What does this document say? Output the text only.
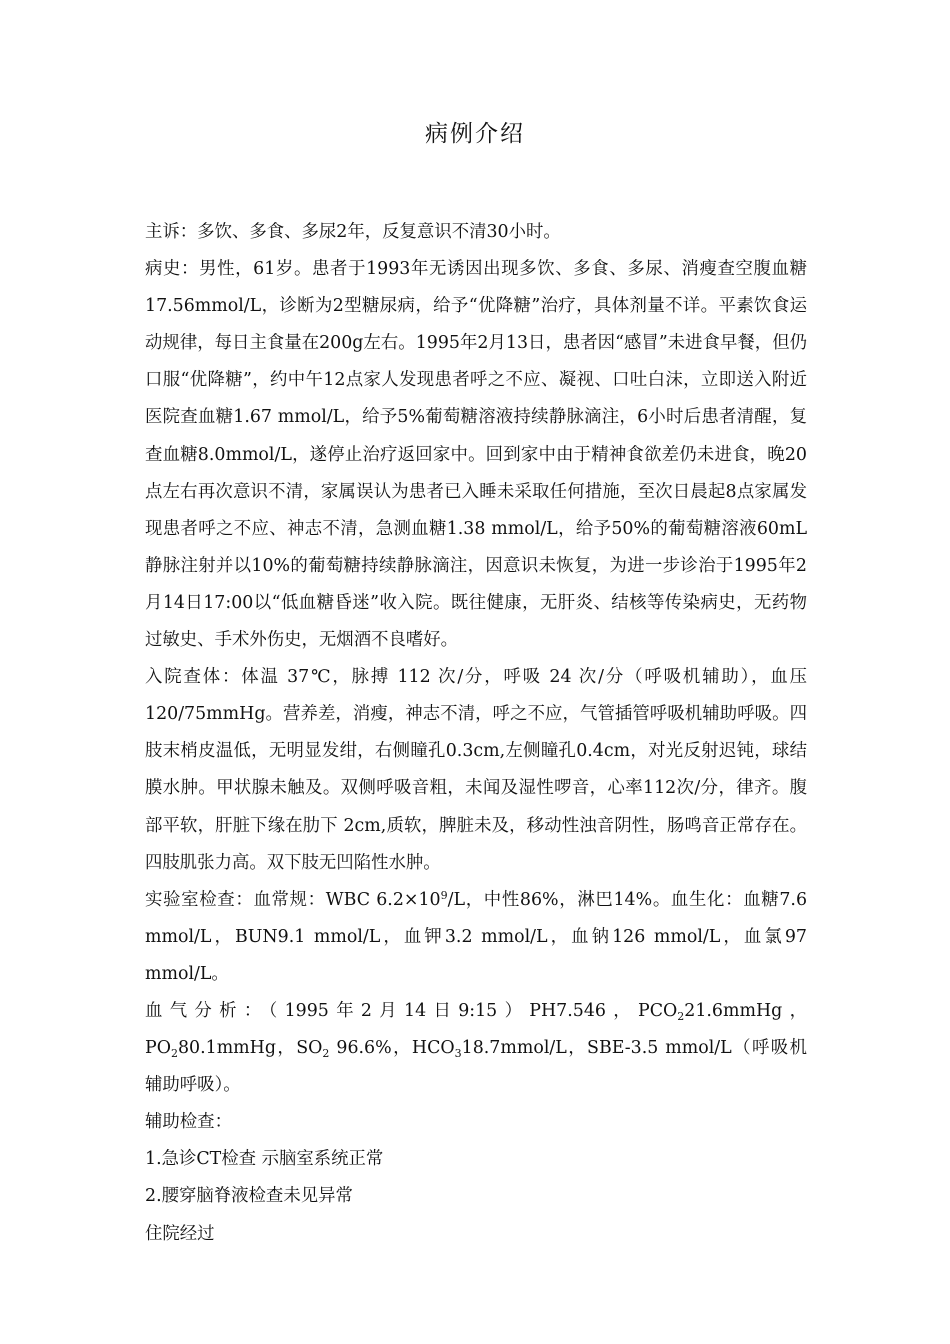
病例介绍

主诉：多饮、多食、多尿2年，反复意识不清30小时。

病史：男性，61岁。患者于1993年无诱因出现多饮、多食、多尿、消瘦查空腹血糖17.56mmol/L，诊断为2型糖尿病，给予“优降糖”治疗，具体剂量不详。平素饮食运动规律，每日主食量在200g左右。1995年2月13日，患者因“感冒”未进食早餐，但仍口服“优降糖”，约中午12点家人发现患者呼之不应、凝视、口吐白沫，立即送入附近医院查血糖1.67 mmol/L，给予5%葡萄糖溶液持续静脉滴注，6小时后患者清醒，复查血糖8.0mmol/L，遂停止治疗返回家中。回到家中由于精神食欲差仍未进食，晚20点左右再次意识不清，家属误认为患者已入睡未采取任何措施，至次日晨起8点家属发现患者呼之不应、神志不清，急测血糖1.38 mmol/L，给予50%的葡萄糖溶液60mL静脉注射并以10%的葡萄糖持续静脉滴注，因意识未恢复，为进一步诊治于1995年2月14日17:00以“低血糖昏迷”收入院。既往健康，无肝炎、结核等传染病史，无药物过敏史、手术外伤史，无烟酒不良嗜好。

入院查体：体温 37℃，脉搏 112 次/分，呼吸 24 次/分（呼吸机辅助），血压120/75mmHg。营养差，消瘦，神志不清，呼之不应，气管插管呼吸机辅助呼吸。四肢末梢皮温低，无明显发绀，右侧瞳孔0.3cm,左侧瞳孔0.4cm，对光反射迟钝，球结膜水肿。甲状腺未触及。双侧呼吸音粗，未闻及湿性啰音，心率112次/分，律齐。腹部平软，肝脏下缘在肋下 2cm,质软，脾脏未及，移动性浊音阴性，肠鸣音正常存在。四肢肌张力高。双下肢无凹陷性水肿。

实验室检查：血常规：WBC $6.2\times 10^9/L$，中性86%，淋巴14%。血生化：血糖7.6 mmol/L，BUN9.1 mmol/L，血钾3.2 mmol/L，血钠126 mmol/L，血氯97 mmol/L。

血气分析：（1995年2月14日9:15）PH7.546，$PCO_221.6mmHg$，$PO_280.1mmHg$，$SO_2$ 96.6%，$HCO_318.7mmol/L$，SBE-3.5 mmol/L（呼吸机辅助呼吸）。

辅助检查：

1.急诊CT检查 示脑室系统正常

2.腰穿脑脊液检查未见异常

住院经过
